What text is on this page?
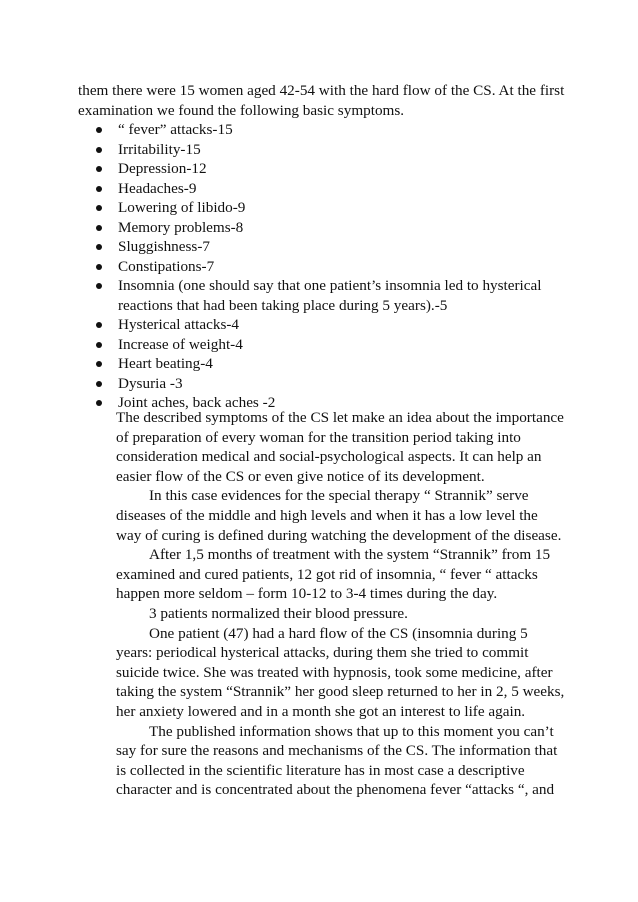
them there were 15 women aged 42-54 with the hard flow of the CS. At the first examination we found the following basic symptoms.

“ fever” attacks-15
Irritability-15
Depression-12
Headaches-9
Lowering of libido-9
Memory problems-8
Sluggishness-7
Constipations-7
Insomnia (one should say that one patient’s insomnia led to hysterical reactions that had been taking place during 5 years).-5
Hysterical attacks-4
Increase of weight-4
Heart beating-4
Dysuria -3
Joint aches, back aches -2

The described symptoms of the CS let make an idea about the importance of preparation of every woman for the transition period taking into consideration medical and social-psychological aspects. It can help an easier flow of the CS or even give notice of its development.

In this case evidences for the special therapy “ Strannik” serve diseases of the middle and high levels and when it has a low level the way of curing is defined during watching the development of the disease.

After 1,5 months of treatment with the system “Strannik” from 15 examined and cured patients, 12 got rid of insomnia, “ fever “ attacks happen more seldom – form 10-12 to 3-4 times during the day.

3 patients normalized their blood pressure.

One patient (47) had a hard flow of the CS (insomnia during 5 years: periodical hysterical attacks, during them she tried to commit suicide twice. She was treated with hypnosis, took some medicine, after taking the system “Strannik” her good sleep returned to her in 2, 5 weeks, her anxiety lowered and in a month she got an interest to life again.

The published information shows that up to this moment you can’t say for sure the reasons and mechanisms of the CS. The information that is collected in the scientific literature has in most case a descriptive character and is concentrated about the phenomena fever “attacks “, and
